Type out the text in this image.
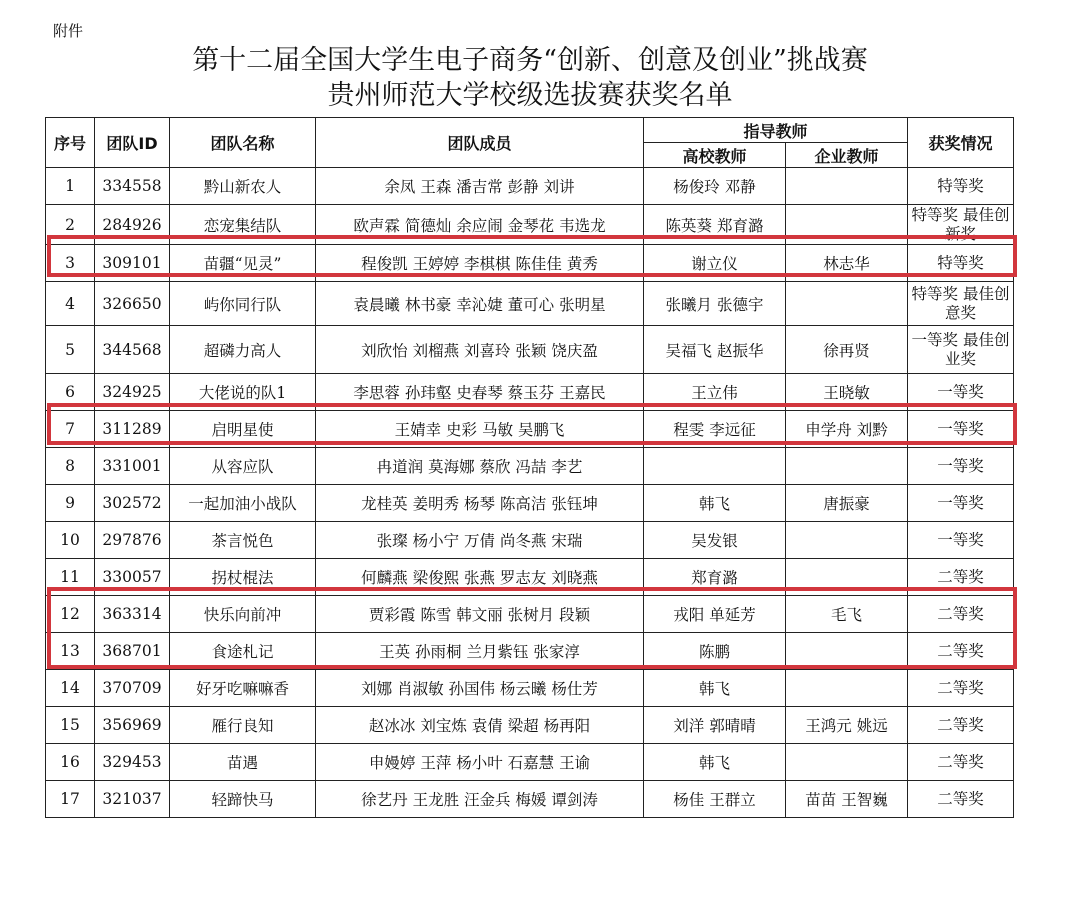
附件
第十二届全国大学生电子商务“创新、创意及创业”挑战赛
贵州师范大学校级选拔赛获奖名单
序号	团队ID	团队名称	团队成员	指导教师		获奖情况
				高校教师	企业教师	
1	334558	黔山新农人	余凤 王森 潘吉常 彭静 刘讲	杨俊玲 邓静		特等奖
2	284926	恋宠集结队	欧声霖 简德灿 余应闹 金琴花 韦选龙	陈英葵 郑育潞		特等奖 最佳创新奖
3	309101	苗疆“见灵”	程俊凯 王婷婷 李棋棋 陈佳佳 黄秀	谢立仪	林志华	特等奖
4	326650	屿你同行队	袁晨曦 林书豪 幸沁婕 董可心 张明星	张曦月 张德宇		特等奖 最佳创意奖
5	344568	超磷力高人	刘欣怡 刘榴燕 刘喜玲 张颖 饶庆盈	吴福飞 赵振华	徐再贤	一等奖 最佳创业奖
6	324925	大佬说的队1	李思蓉 孙玮壑 史春琴 蔡玉芬 王嘉民	王立伟	王晓敏	一等奖
7	311289	启明星使	王婧幸 史彩 马敏 吴鹏飞	程雯 李远征	申学舟 刘黔	一等奖
8	331001	从容应队	冉道润 莫海娜 蔡欣 冯喆 李艺			一等奖
9	302572	一起加油小战队	龙桂英 姜明秀 杨琴 陈高洁 张钰坤	韩飞	唐振豪	一等奖
10	297876	茶言悦色	张璨 杨小宁 万倩 尚冬燕 宋瑞	吴发银		一等奖
11	330057	拐杖棍法	何麟燕 梁俊熙 张燕 罗志友 刘晓燕	郑育潞		二等奖
12	363314	快乐向前冲	贾彩霞 陈雪 韩文丽 张树月 段颖	戎阳 单延芳	毛飞	二等奖
13	368701	食途札记	王英 孙雨桐 兰月紫钰 张家淳	陈鹏		二等奖
14	370709	好牙吃嘛嘛香	刘娜 肖淑敏 孙国伟 杨云曦 杨仕芳	韩飞		二等奖
15	356969	雁行良知	赵冰冰 刘宝炼 袁倩 梁超 杨再阳	刘洋 郭晴晴	王鸿元 姚远	二等奖
16	329453	苗遇	申嫚婷 王萍 杨小叶 石嘉慧 王谕	韩飞		二等奖
17	321037	轻蹄快马	徐艺丹 王龙胜 汪金兵 梅媛 谭剑涛	杨佳 王群立	苗苗 王智巍	二等奖
